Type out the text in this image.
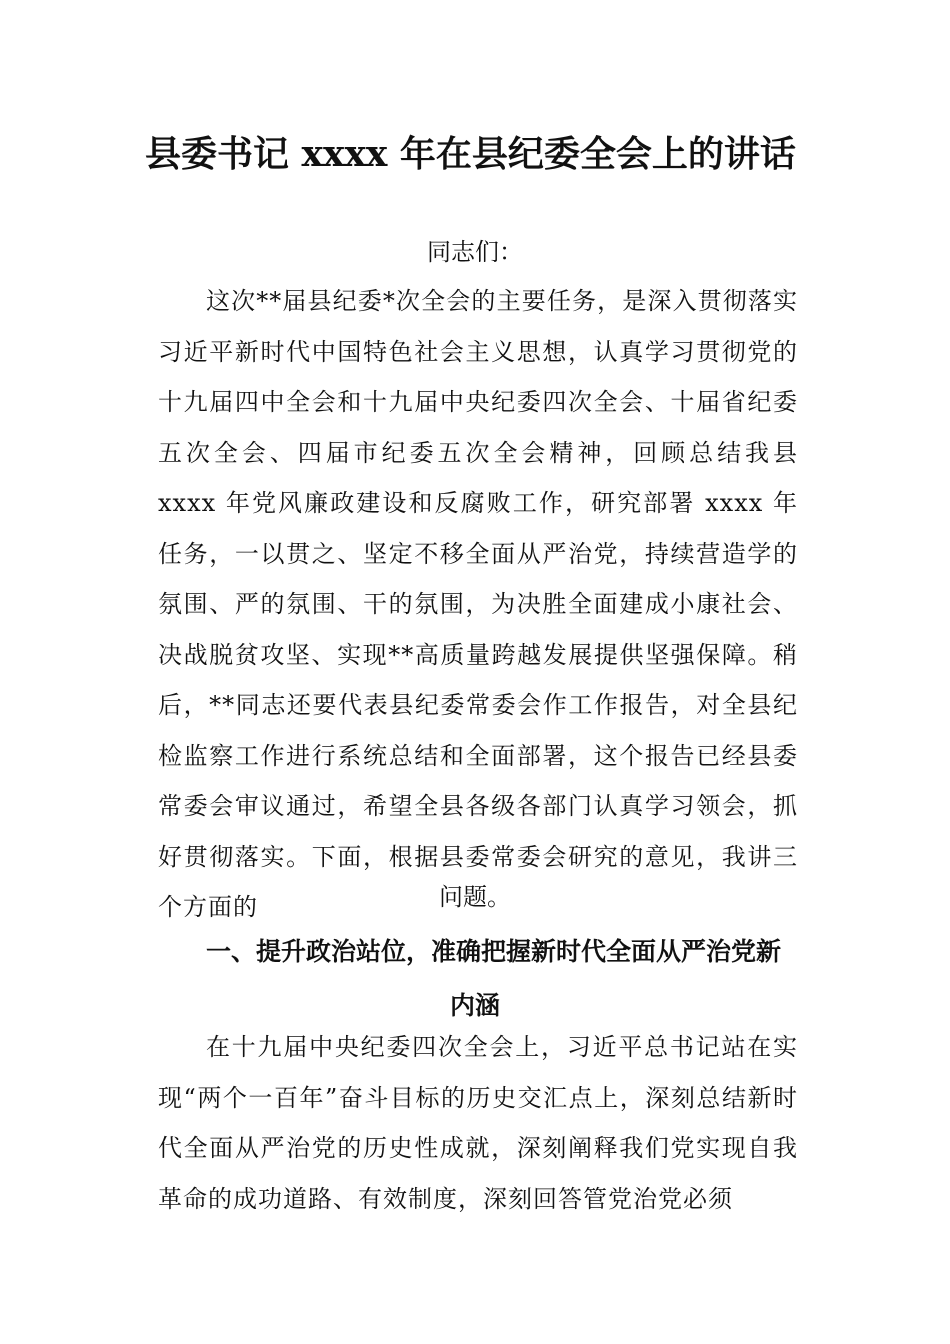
县委书记 xxxx 年在县纪委全会上的讲话
同志们：

这次**届县纪委*次全会的主要任务，是深入贯彻落实习近平新时代中国特色社会主义思想，认真学习贯彻党的十九届四中全会和十九届中央纪委四次全会、十届省纪委五次全会、四届市纪委五次全会精神，回顾总结我县 xxxx 年党风廉政建设和反腐败工作，研究部署 xxxx 年任务，一以贯之、坚定不移全面从严治党，持续营造学的氛围、严的氛围、干的氛围，为决胜全面建成小康社会、决战脱贫攻坚、实现**高质量跨越发展提供坚强保障。稍后，**同志还要代表县纪委常委会作工作报告，对全县纪检监察工作进行系统总结和全面部署，这个报告已经县委常委会审议通过，希望全县各级各部门认真学习领会，抓好贯彻落实。下面，根据县委常委会研究的意见，我讲三个方面的	问题。
一、提升政治站位，准确把握新时代全面从严治党新
内涵

在十九届中央纪委四次全会上，习近平总书记站在实现“两个一百年”奋斗目标的历史交汇点上，深刻总结新时代全面从严治党的历史性成就，深刻阐释我们党实现自我革命的成功道路、有效制度，深刻回答管党治党必须
